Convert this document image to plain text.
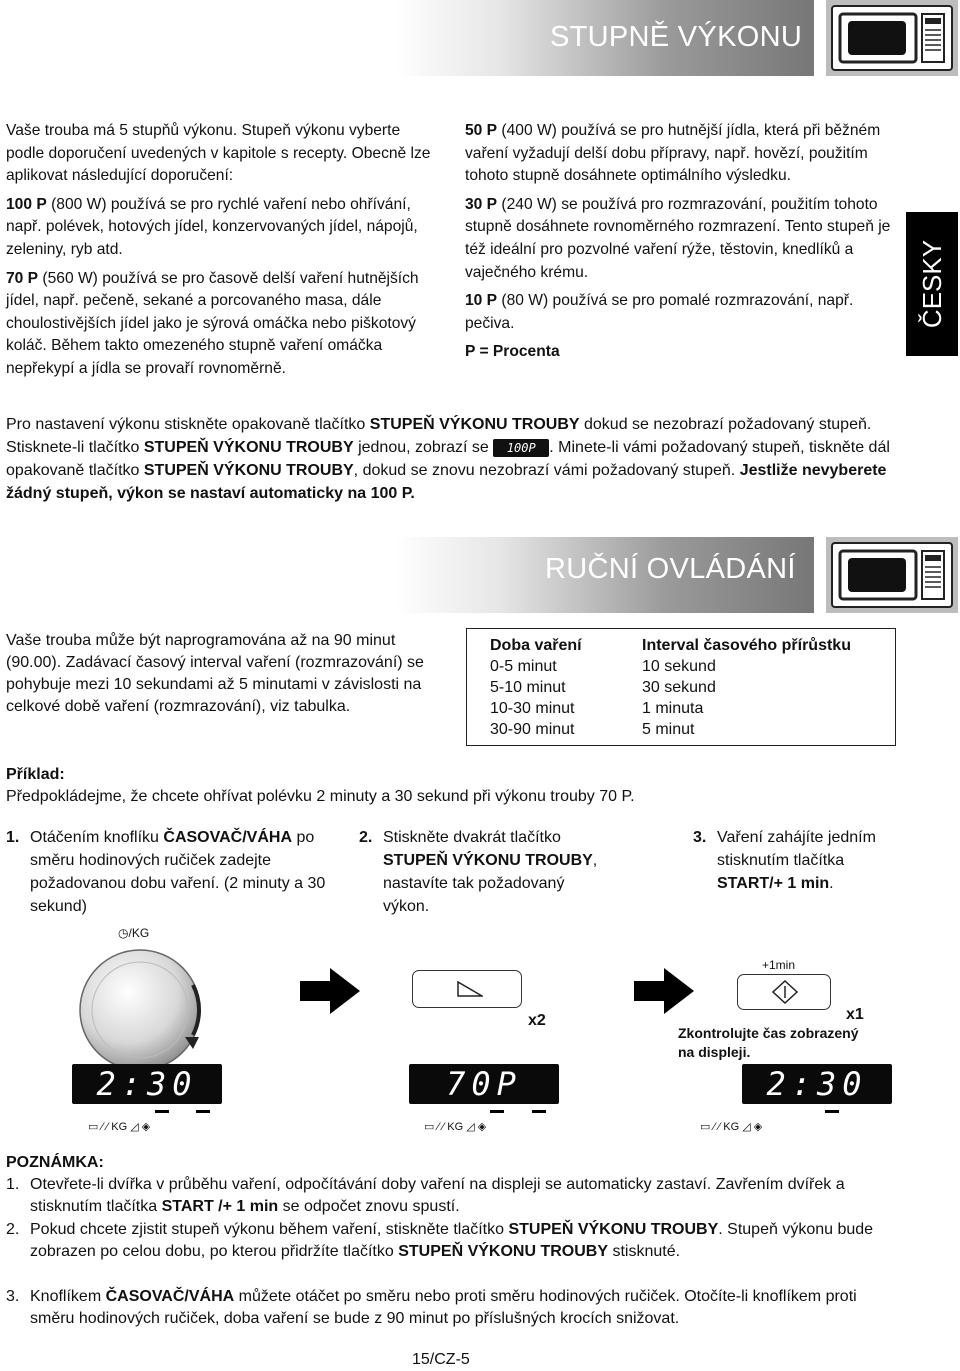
STUPNĚ VÝKONU

Vaše trouba má 5 stupňů výkonu. Stupeň výkonu vyberte podle doporučení uvedených v kapitole s recepty. Obecně lze aplikovat následující doporučení:

100 P (800 W) používá se pro rychlé vaření nebo ohřívání, např. polévek, hotových jídel, konzervovaných jídel, nápojů, zeleniny, ryb atd.

70 P (560 W) používá se pro časově delší vaření hutnějších jídel, např. pečeně, sekané a porcovaného masa, dále choulostivějších jídel jako je sýrová omáčka nebo piškotový koláč. Během takto omezeného stupně vaření omáčka nepřekypí a jídla se provaří rovnoměrně.

50 P (400 W) používá se pro hutnější jídla, která při běžném vaření vyžadují delší dobu přípravy, např. hovězí, použitím tohoto stupně dosáhnete optimálního výsledku.

30 P (240 W) se používá pro rozmrazování, použitím tohoto stupně dosáhnete rovnoměrného rozmrazení. Tento stupeň je též ideální pro pozvolné vaření rýže, těstovin, knedlíků a vaječného krému.

10 P (80 W) používá se pro pomalé rozmrazování, např. pečiva.

P = Procenta

ČESKY
Pro nastavení výkonu stiskněte opakovaně tlačítko STUPEŇ VÝKONU TROUBY dokud se nezobrazí požadovaný stupeň. Stisknete-li tlačítko STUPEŇ VÝKONU TROUBY jednou, zobrazí se 100P . Minete-li vámi požadovaný stupeň, tiskněte dál opakovaně tlačítko STUPEŇ VÝKONU TROUBY, dokud se znovu nezobrazí vámi požadovaný stupeň. Jestliže nevyberete žádný stupeň, výkon se nastaví automaticky na 100 P.
RUČNÍ OVLÁDÁNÍ
Vaše trouba může být naprogramována až na 90 minut (90.00). Zadávací časový interval vaření (rozmrazování) se pohybuje mezi 10 sekundami až 5 minutami v závislosti na celkové době vaření (rozmrazování), viz tabulka.
Doba vaření	Interval časového přírůstku
0-5 minut	10 sekund
5-10 minut	30 sekund
10-30 minut	1 minuta
30-90 minut	5 minut
Příklad:
Předpokládejme, že chcete ohřívat polévku 2 minuty a 30 sekund při výkonu trouby 70 P.
1. Otáčením knoflíku ČASOVAČ/VÁHA po směru hodinových ručiček zadejte požadovanou dobu vaření. (2 minuty a 30 sekund)
2. Stiskněte dvakrát tlačítko STUPEŇ VÝKONU TROUBY, nastavíte tak požadovaný výkon.
3. Vaření zahájíte jedním stisknutím tlačítka START/+ 1 min.
◷/KG
x2
+1min
x1
Zkontrolujte čas zobrazený na displeji.
2:30	70P	2:30
▭ ⁄ ⁄ KG ◿ ◈	▭ ⁄ ⁄ KG ◿ ◈	▭ ⁄ ⁄ KG ◿ ◈
POZNÁMKA:
1. Otevřete-li dvířka v průběhu vaření, odpočítávání doby vaření na displeji se automaticky zastaví. Zavřením dvířek a stisknutím tlačítka START /+ 1 min se odpočet znovu spustí.
2. Pokud chcete zjistit stupeň výkonu během vaření, stiskněte tlačítko STUPEŇ VÝKONU TROUBY. Stupeň výkonu bude zobrazen po celou dobu, po kterou přidržíte tlačítko STUPEŇ VÝKONU TROUBY stisknuté.
3. Knoflíkem ČASOVAČ/VÁHA můžete otáčet po směru nebo proti směru hodinových ručiček. Otočíte-li knoflíkem proti směru hodinových ručiček, doba vaření se bude z 90 minut po příslušných krocích snižovat.
15/CZ-5
